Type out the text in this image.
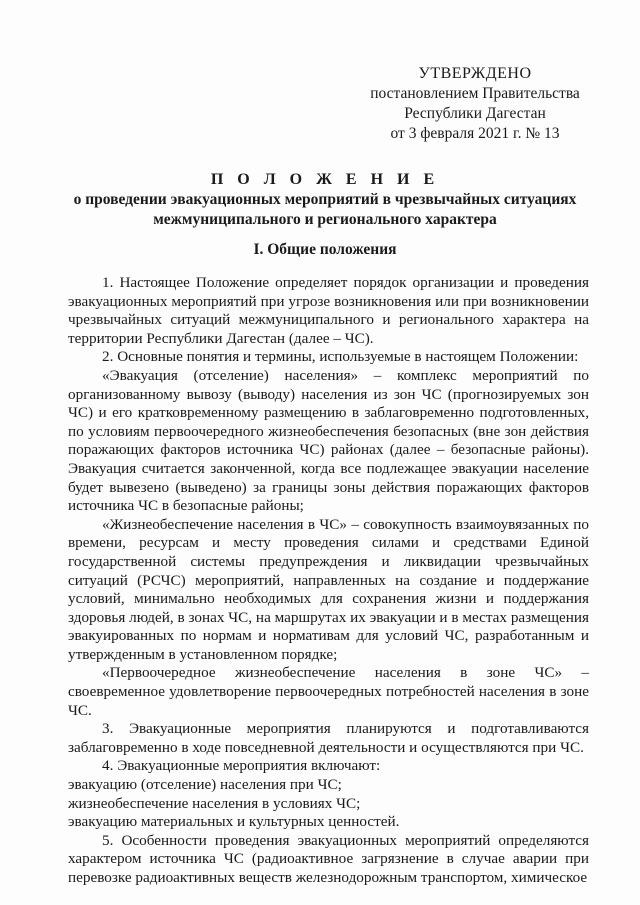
УТВЕРЖДЕНО
постановлением Правительства
Республики Дагестан
от 3 февраля 2021 г. № 13
П О Л О Ж Е Н И Е
о проведении эвакуационных мероприятий в чрезвычайных ситуациях
межмуниципального и регионального характера
I. Общие положения

1. Настоящее Положение определяет порядок организации и проведения эвакуационных мероприятий при угрозе возникновения или при возникновении чрезвычайных ситуаций межмуниципального и регионального характера на территории Республики Дагестан (далее – ЧС).

2. Основные понятия и термины, используемые в настоящем Положении:

«Эвакуация (отселение) населения» – комплекс мероприятий по организованному вывозу (выводу) населения из зон ЧС (прогнозируемых зон ЧС) и его кратковременному размещению в заблаговременно подготовленных, по условиям первоочередного жизнеобеспечения безопасных (вне зон действия поражающих факторов источника ЧС) районах (далее – безопасные районы). Эвакуация считается законченной, когда все подлежащее эвакуации население будет вывезено (выведено) за границы зоны действия поражающих факторов источника ЧС в безопасные районы;

«Жизнеобеспечение населения в ЧС» – совокупность взаимоувязанных по времени, ресурсам и месту проведения силами и средствами Единой государственной системы предупреждения и ликвидации чрезвычайных ситуаций (РСЧС) мероприятий, направленных на создание и поддержание условий, минимально необходимых для сохранения жизни и поддержания здоровья людей, в зонах ЧС, на маршрутах их эвакуации и в местах размещения эвакуированных по нормам и нормативам для условий ЧС, разработанным и утвержденным в установленном порядке;

«Первоочередное жизнеобеспечение населения в зоне ЧС» – своевременное удовлетворение первоочередных потребностей населения в зоне ЧС.

3. Эвакуационные мероприятия планируются и подготавливаются заблаговременно в ходе повседневной деятельности и осуществляются при ЧС.

4. Эвакуационные мероприятия включают:

эвакуацию (отселение) населения при ЧС;

жизнеобеспечение населения в условиях ЧС;

эвакуацию материальных и культурных ценностей.

5. Особенности проведения эвакуационных мероприятий определяются характером источника ЧС (радиоактивное загрязнение в случае аварии при перевозке радиоактивных веществ железнодорожным транспортом, химическое
